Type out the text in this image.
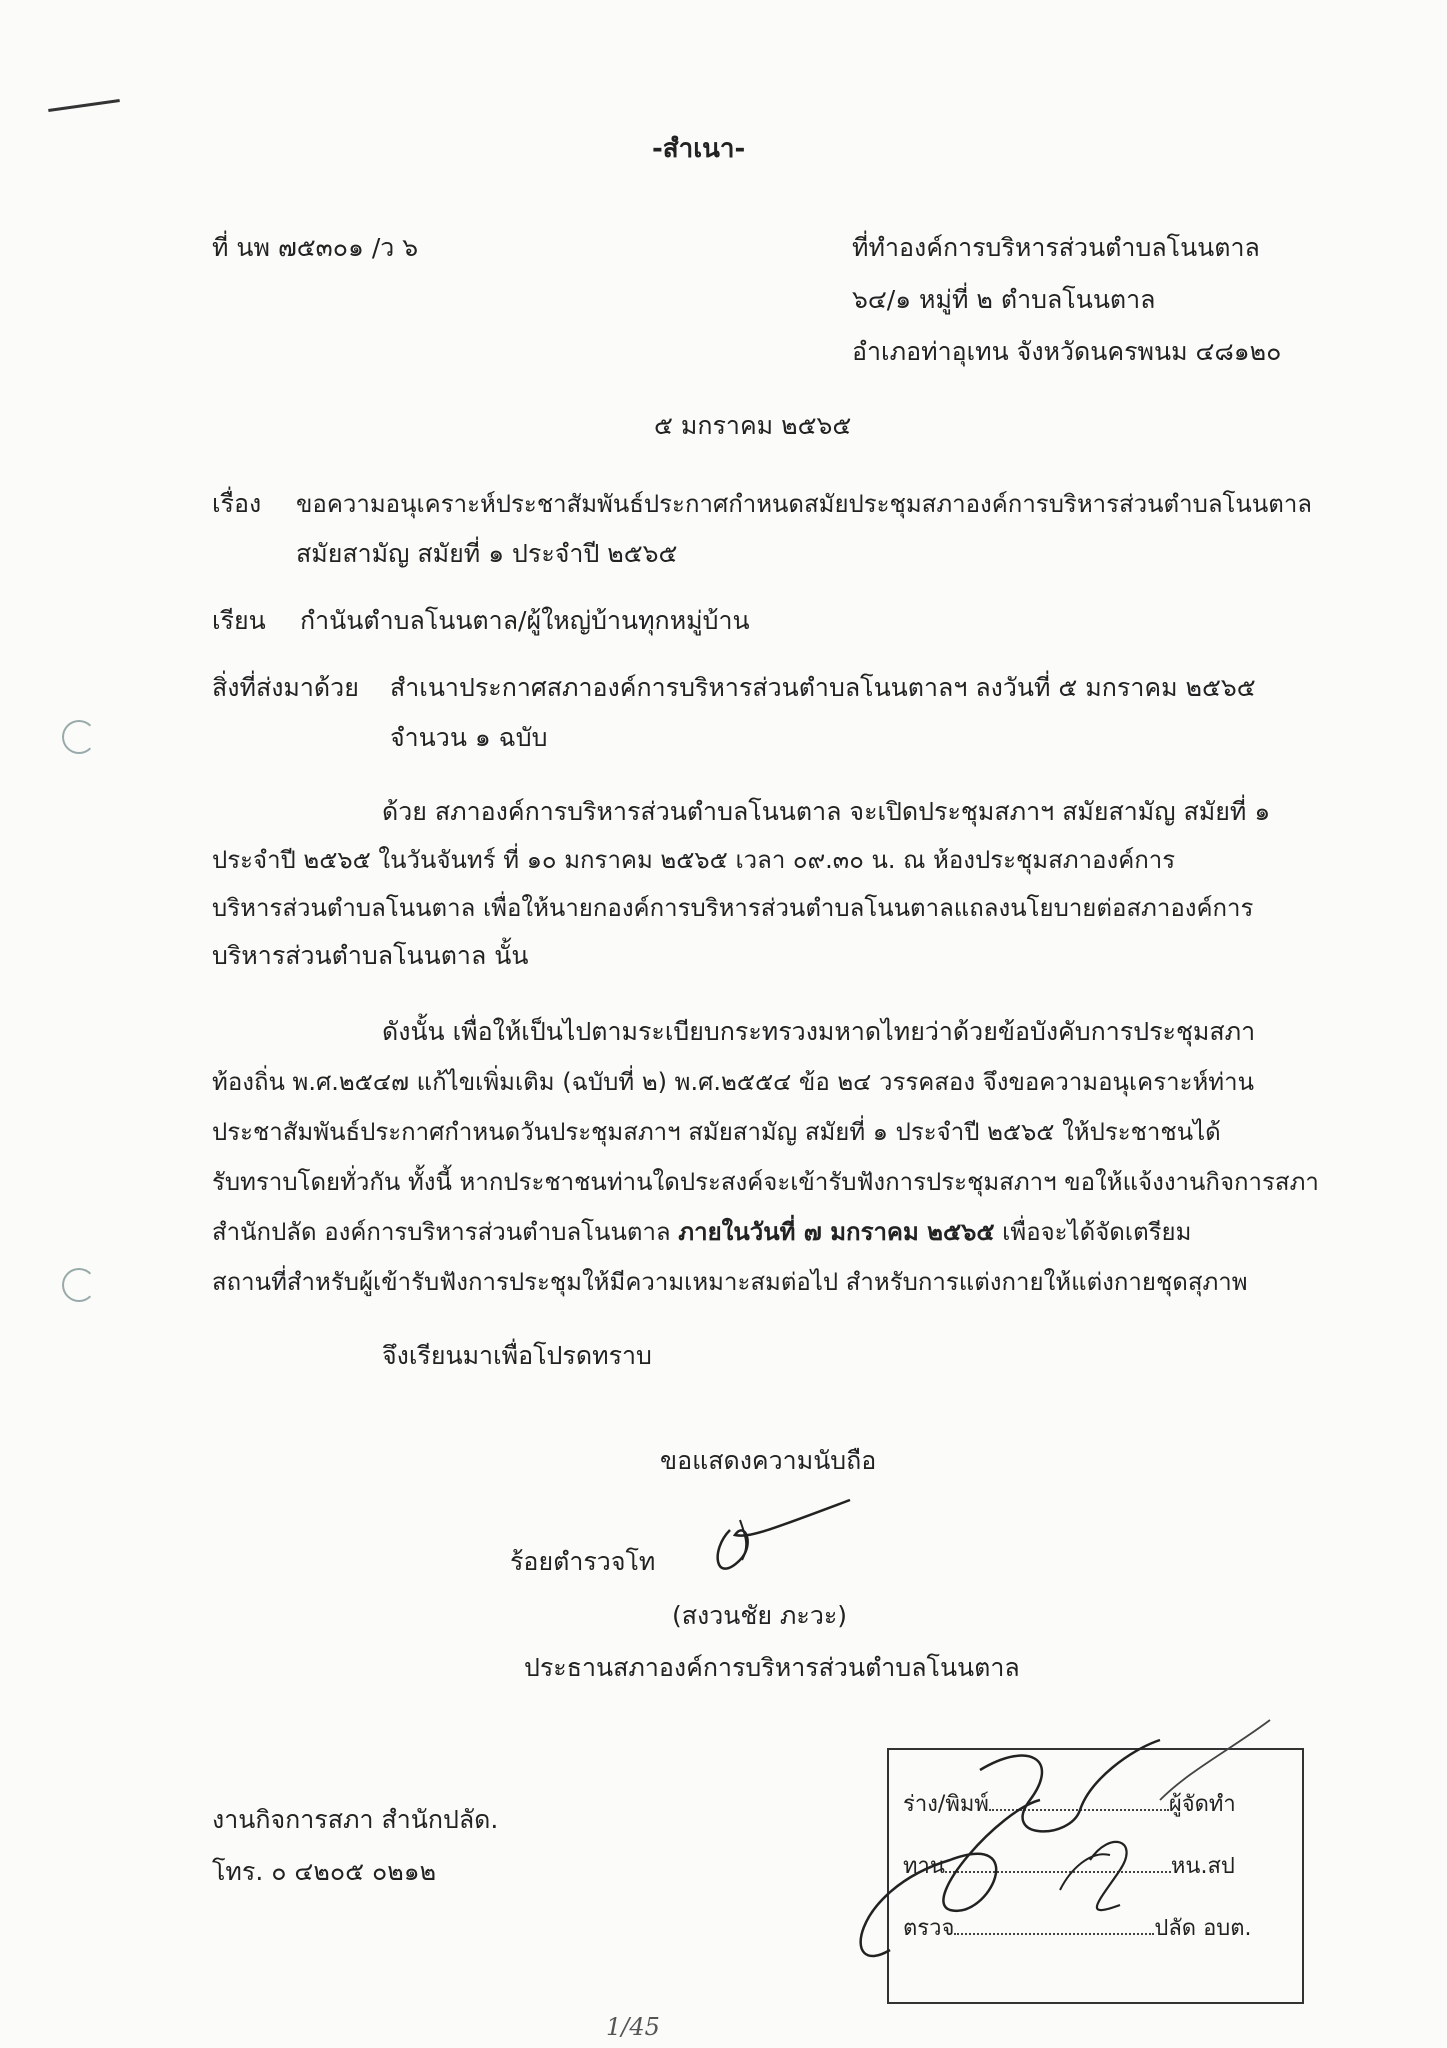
-สำเนา-
ที่ นพ ๗๕๓๐๑ /ว ๖	ที่ทำองค์การบริหารส่วนตำบลโนนตาล
๖๔/๑ หมู่ที่ ๒ ตำบลโนนตาล
อำเภอท่าอุเทน จังหวัดนครพนม ๔๘๑๒๐
๕ มกราคม ๒๕๖๕
เรื่อง ขอความอนุเคราะห์ประชาสัมพันธ์ประกาศกำหนดสมัยประชุมสภาองค์การบริหารส่วนตำบลโนนตาล
สมัยสามัญ สมัยที่ ๑ ประจำปี ๒๕๖๕
เรียน กำนันตำบลโนนตาล/ผู้ใหญ่บ้านทุกหมู่บ้าน
สิ่งที่ส่งมาด้วย สำเนาประกาศสภาองค์การบริหารส่วนตำบลโนนตาลฯ ลงวันที่ ๕ มกราคม ๒๕๖๕
จำนวน ๑ ฉบับ
ด้วย สภาองค์การบริหารส่วนตำบลโนนตาล จะเปิดประชุมสภาฯ สมัยสามัญ สมัยที่ ๑
ประจำปี ๒๕๖๕ ในวันจันทร์ ที่ ๑๐ มกราคม ๒๕๖๕ เวลา ๐๙.๓๐ น. ณ ห้องประชุมสภาองค์การ
บริหารส่วนตำบลโนนตาล เพื่อให้นายกองค์การบริหารส่วนตำบลโนนตาลแถลงนโยบายต่อสภาองค์การ
บริหารส่วนตำบลโนนตาล นั้น
ดังนั้น เพื่อให้เป็นไปตามระเบียบกระทรวงมหาดไทยว่าด้วยข้อบังคับการประชุมสภา
ท้องถิ่น พ.ศ.๒๕๔๗ แก้ไขเพิ่มเติม (ฉบับที่ ๒) พ.ศ.๒๕๕๔ ข้อ ๒๔ วรรคสอง จึงขอความอนุเคราะห์ท่าน
ประชาสัมพันธ์ประกาศกำหนดวันประชุมสภาฯ สมัยสามัญ สมัยที่ ๑ ประจำปี ๒๕๖๕ ให้ประชาชนได้
รับทราบโดยทั่วกัน ทั้งนี้ หากประชาชนท่านใดประสงค์จะเข้ารับฟังการประชุมสภาฯ ขอให้แจ้งงานกิจการสภา
สำนักปลัด องค์การบริหารส่วนตำบลโนนตาล ภายในวันที่ ๗ มกราคม ๒๕๖๕ เพื่อจะได้จัดเตรียม
สถานที่สำหรับผู้เข้ารับฟังการประชุมให้มีความเหมาะสมต่อไป สำหรับการแต่งกายให้แต่งกายชุดสุภาพ
จึงเรียนมาเพื่อโปรดทราบ
ขอแสดงความนับถือ
ร้อยตำรวจโท
(สงวนชัย ภะวะ)
ประธานสภาองค์การบริหารส่วนตำบลโนนตาล
งานกิจการสภา สำนักปลัด.
โทร. ๐ ๔๒๐๕ ๐๒๑๒
ร่าง/พิมพ์	ผู้จัดทำ
ทาน	หน.สป
ตรวจ	ปลัด อบต.
1/45
